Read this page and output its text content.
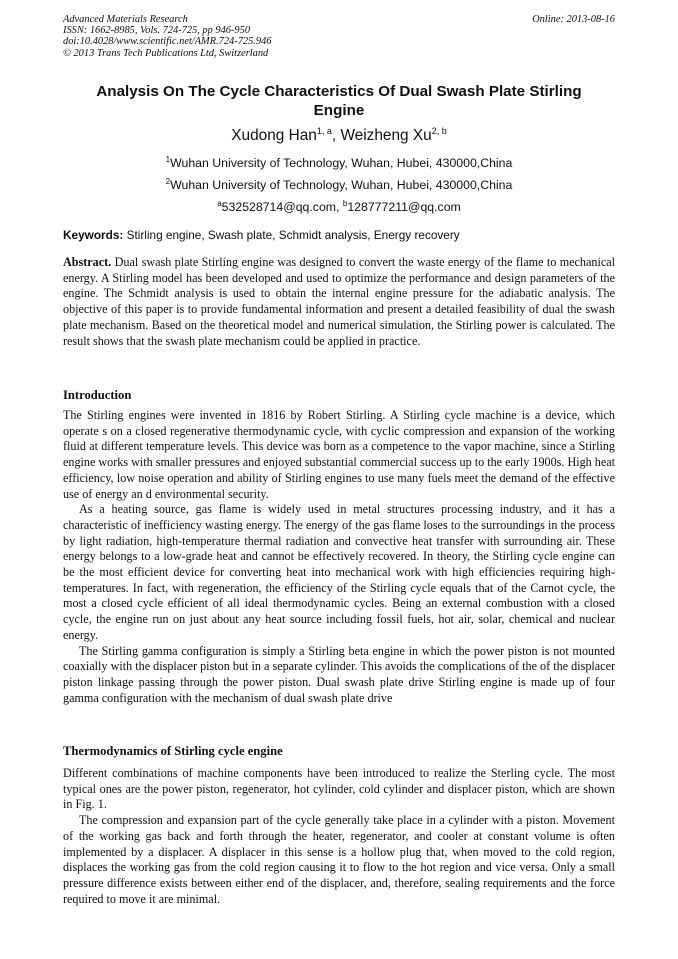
Advanced Materials Research
ISSN: 1662-8985, Vols. 724-725, pp 946-950
doi:10.4028/www.scientific.net/AMR.724-725.946
© 2013 Trans Tech Publications Ltd, Switzerland
Online: 2013-08-16
Analysis On The Cycle Characteristics Of Dual Swash Plate Stirling Engine
Xudong Han$^{1, a}$, Weizheng Xu$^{2, b}$
$^1$Wuhan University of Technology, Wuhan, Hubei, 430000,China
$^2$Wuhan University of Technology, Wuhan, Hubei, 430000,China
$^a$532528714@qq.com, $^b$128777211@qq.com
Keywords: Stirling engine, Swash plate, Schmidt analysis, Energy recovery

Abstract. Dual swash plate Stirling engine was designed to convert the waste energy of the flame to mechanical energy. A Stirling model has been developed and used to optimize the performance and design parameters of the engine. The Schmidt analysis is used to obtain the internal engine pressure for the adiabatic analysis. The objective of this paper is to provide fundamental information and present a detailed feasibility of dual the swash plate mechanism. Based on the theoretical model and numerical simulation, the Stirling power is calculated. The result shows that the swash plate mechanism could be applied in practice.

Introduction

The Stirling engines were invented in 1816 by Robert Stirling. A Stirling cycle machine is a device, which operate s on a closed regenerative thermodynamic cycle, with cyclic compression and expansion of the working fluid at different temperature levels. This device was born as a competence to the vapor machine, since a Stirling engine works with smaller pressures and enjoyed substantial commercial success up to the early 1900s. High heat efficiency, low noise operation and ability of Stirling engines to use many fuels meet the demand of the effective use of energy an d environmental security.

As a heating source, gas flame is widely used in metal structures processing industry, and it has a characteristic of inefficiency wasting energy. The energy of the gas flame loses to the surroundings in the process by light radiation, high-temperature thermal radiation and convective heat transfer with surrounding air. These energy belongs to a low-grade heat and cannot be effectively recovered. In theory, the Stirling cycle engine can be the most efficient device for converting heat into mechanical work with high efficiencies requiring high-temperatures. In fact, with regeneration, the efficiency of the Stirling cycle equals that of the Carnot cycle, the most a closed cycle efficient of all ideal thermodynamic cycles. Being an external combustion with a closed cycle, the engine run on just about any heat source including fossil fuels, hot air, solar, chemical and nuclear energy.

The Stirling gamma configuration is simply a Stirling beta engine in which the power piston is not mounted coaxially with the displacer piston but in a separate cylinder. This avoids the complications of the of the displacer piston linkage passing through the power piston. Dual swash plate drive Stirling engine is made up of four gamma configuration with the mechanism of dual swash plate drive

Thermodynamics of Stirling cycle engine

Different combinations of machine components have been introduced to realize the Sterling cycle. The most typical ones are the power piston, regenerator, hot cylinder, cold cylinder and displacer piston, which are shown in Fig. 1.

The compression and expansion part of the cycle generally take place in a cylinder with a piston. Movement of the working gas back and forth through the heater, regenerator, and cooler at constant volume is often implemented by a displacer. A displacer in this sense is a hollow plug that, when moved to the cold region, displaces the working gas from the cold region causing it to flow to the hot region and vice versa. Only a small pressure difference exists between either end of the displacer, and, therefore, sealing requirements and the force required to move it are minimal.
